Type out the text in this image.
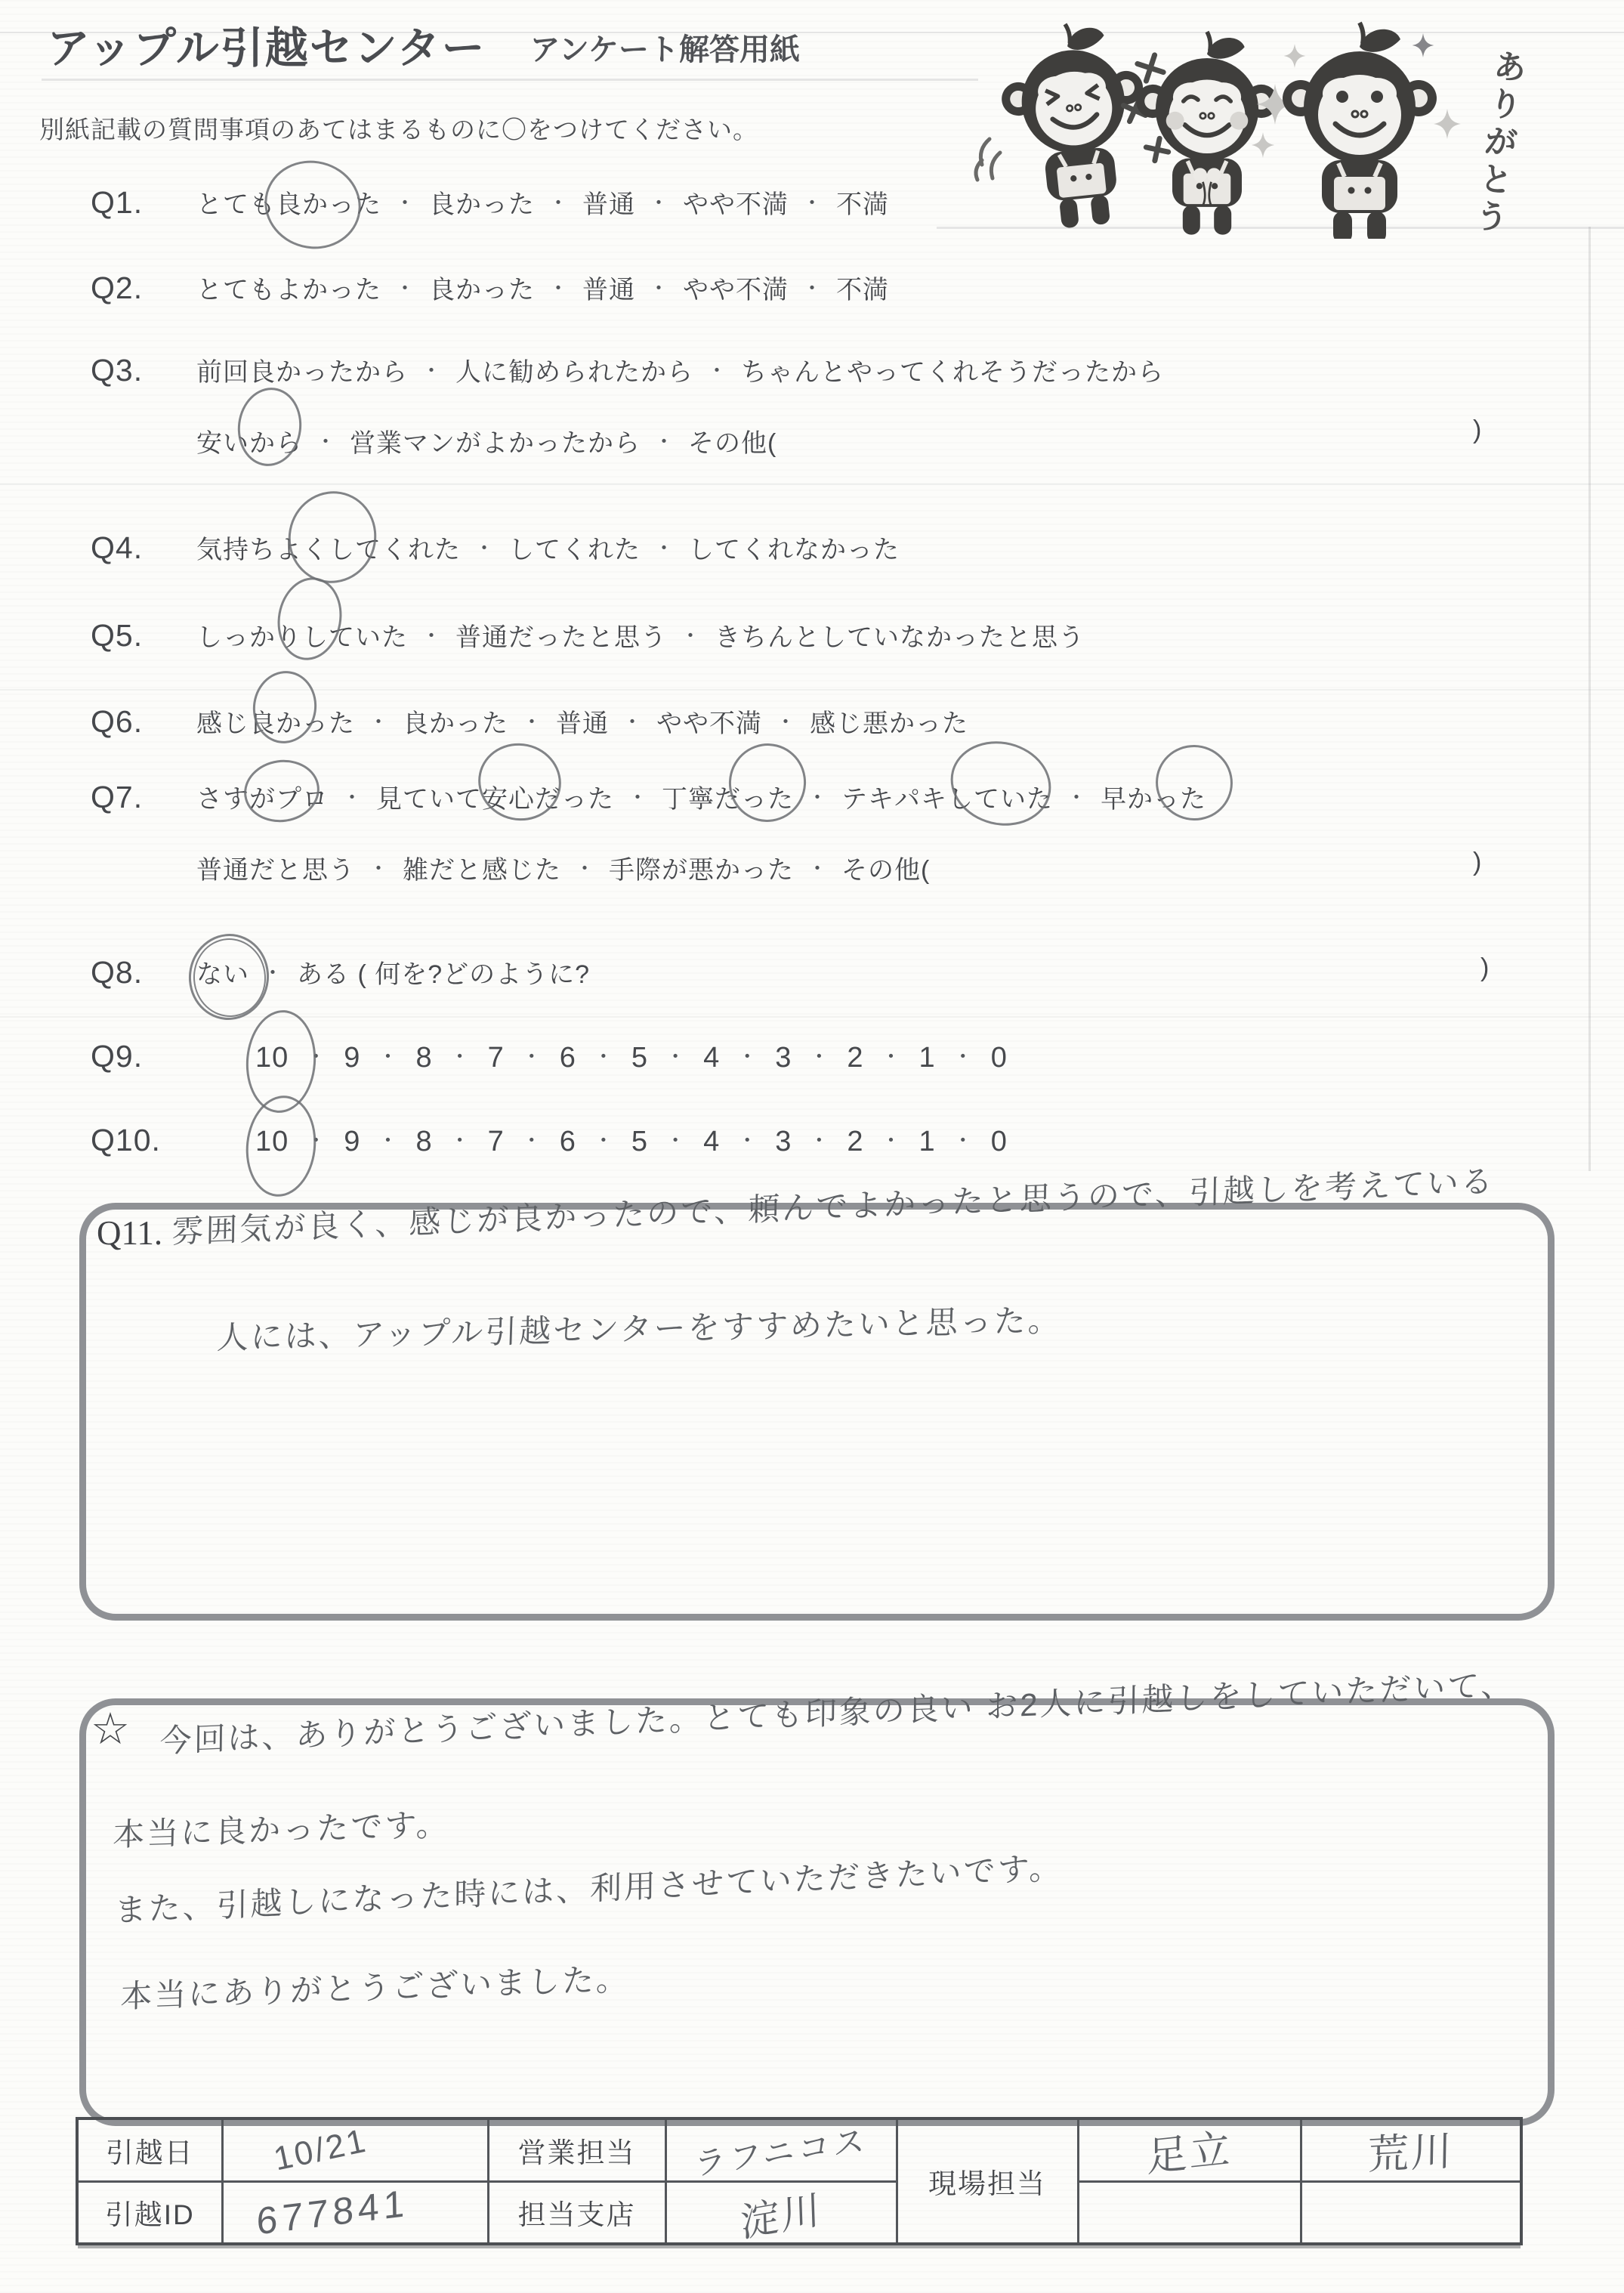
アップル引越センター アンケート解答用紙
別紙記載の質問事項のあてはまるものに〇をつけてください。	ありがとう
Q1. とても良かった ・ 良かった ・ 普通 ・ やや不満 ・ 不満
Q2. とてもよかった ・ 良かった ・ 普通 ・ やや不満 ・ 不満
Q3. 前回良かったから ・ 人に勧められたから ・ ちゃんとやってくれそうだったから
安いから ・ 営業マンがよかったから ・ その他(	)
Q4. 気持ちよくしてくれた ・ してくれた ・ してくれなかった
Q5. しっかりしていた ・ 普通だったと思う ・ きちんとしていなかったと思う
Q6. 感じ良かった ・ 良かった ・ 普通 ・ やや不満 ・ 感じ悪かった
Q7. さすがプロ ・ 見ていて安心だった ・ 丁寧だった ・ テキパキしていた ・ 早かった
普通だと思う ・ 雑だと感じた ・ 手際が悪かった ・ その他(	)
Q8. ない ・ ある ( 何を?どのように?	)
Q9.	10 ・ 9 ・ 8 ・ 7 ・ 6 ・ 5 ・ 4 ・ 3 ・ 2 ・ 1 ・ 0
Q10.	10 ・ 9 ・ 8 ・ 7 ・ 6 ・ 5 ・ 4 ・ 3 ・ 2 ・ 1 ・ 0
Q11. 雰囲気が良く、感じが良かったので、頼んでよかったと思うので、引越しを考えている
人には、アップル引越センターをすすめたいと思った。
☆ 今回は、ありがとうございました。とても印象の良い お2人に引越しをしていただいて、
本当に良かったです。
また、引越しになった時には、利用させていただきたいです。
本当にありがとうございました。
引越日	10/21	営業担当	ラフニコス	現場担当	足立	荒川
引越ID	677841	担当支店	淀川			
